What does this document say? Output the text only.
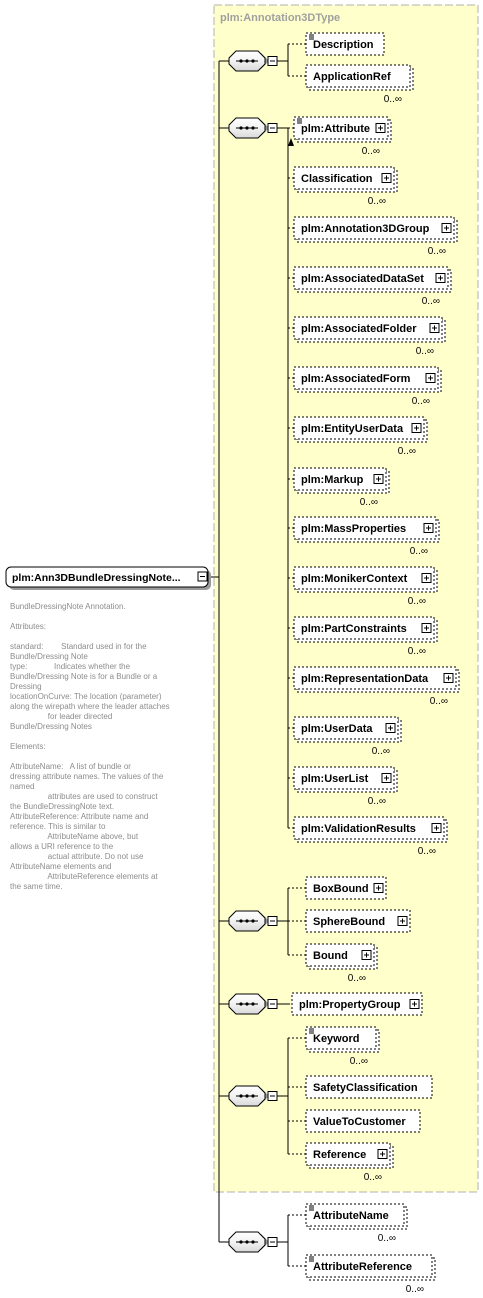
plm:Annotation3DType
plm:Ann3DBundleDressingNote...
Description
ApplicationRef
0..∞
plm:Attribute
0..∞
Classification
0..∞
plm:Annotation3DGroup
0..∞
plm:AssociatedDataSet
0..∞
plm:AssociatedFolder
0..∞
plm:AssociatedForm
0..∞
plm:EntityUserData
0..∞
plm:Markup
0..∞
plm:MassProperties
0..∞
plm:MonikerContext
0..∞
plm:PartConstraints
0..∞
plm:RepresentationData
0..∞
plm:UserData
0..∞
plm:UserList
0..∞
plm:ValidationResults
0..∞
BoxBound
SphereBound
Bound
0..∞
plm:PropertyGroup
Keyword
0..∞
SafetyClassification
ValueToCustomer
Reference
0..∞
AttributeName
0..∞
AttributeReference
0..∞
BundleDressingNote Annotation.

Attributes:

standard:        Standard used in for the
Bundle/Dressing Note
type:            Indicates whether the
Bundle/Dressing Note is for a Bundle or a
Dressing
locationOnCurve: The location (parameter)
along the wirepath where the leader attaches
for leader directed
Bundle/Dressing Notes

Elements:

AttributeName:   A list of bundle or
dressing attribute names. The values of the
named
attributes are used to construct
the BundleDressingNote text.
AttributeReference: Attribute name and
reference. This is similar to
AttributeName above, but
allows a URI reference to the
actual attribute. Do not use
AttributeName elements and
AttributeReference elements at
the same time.
